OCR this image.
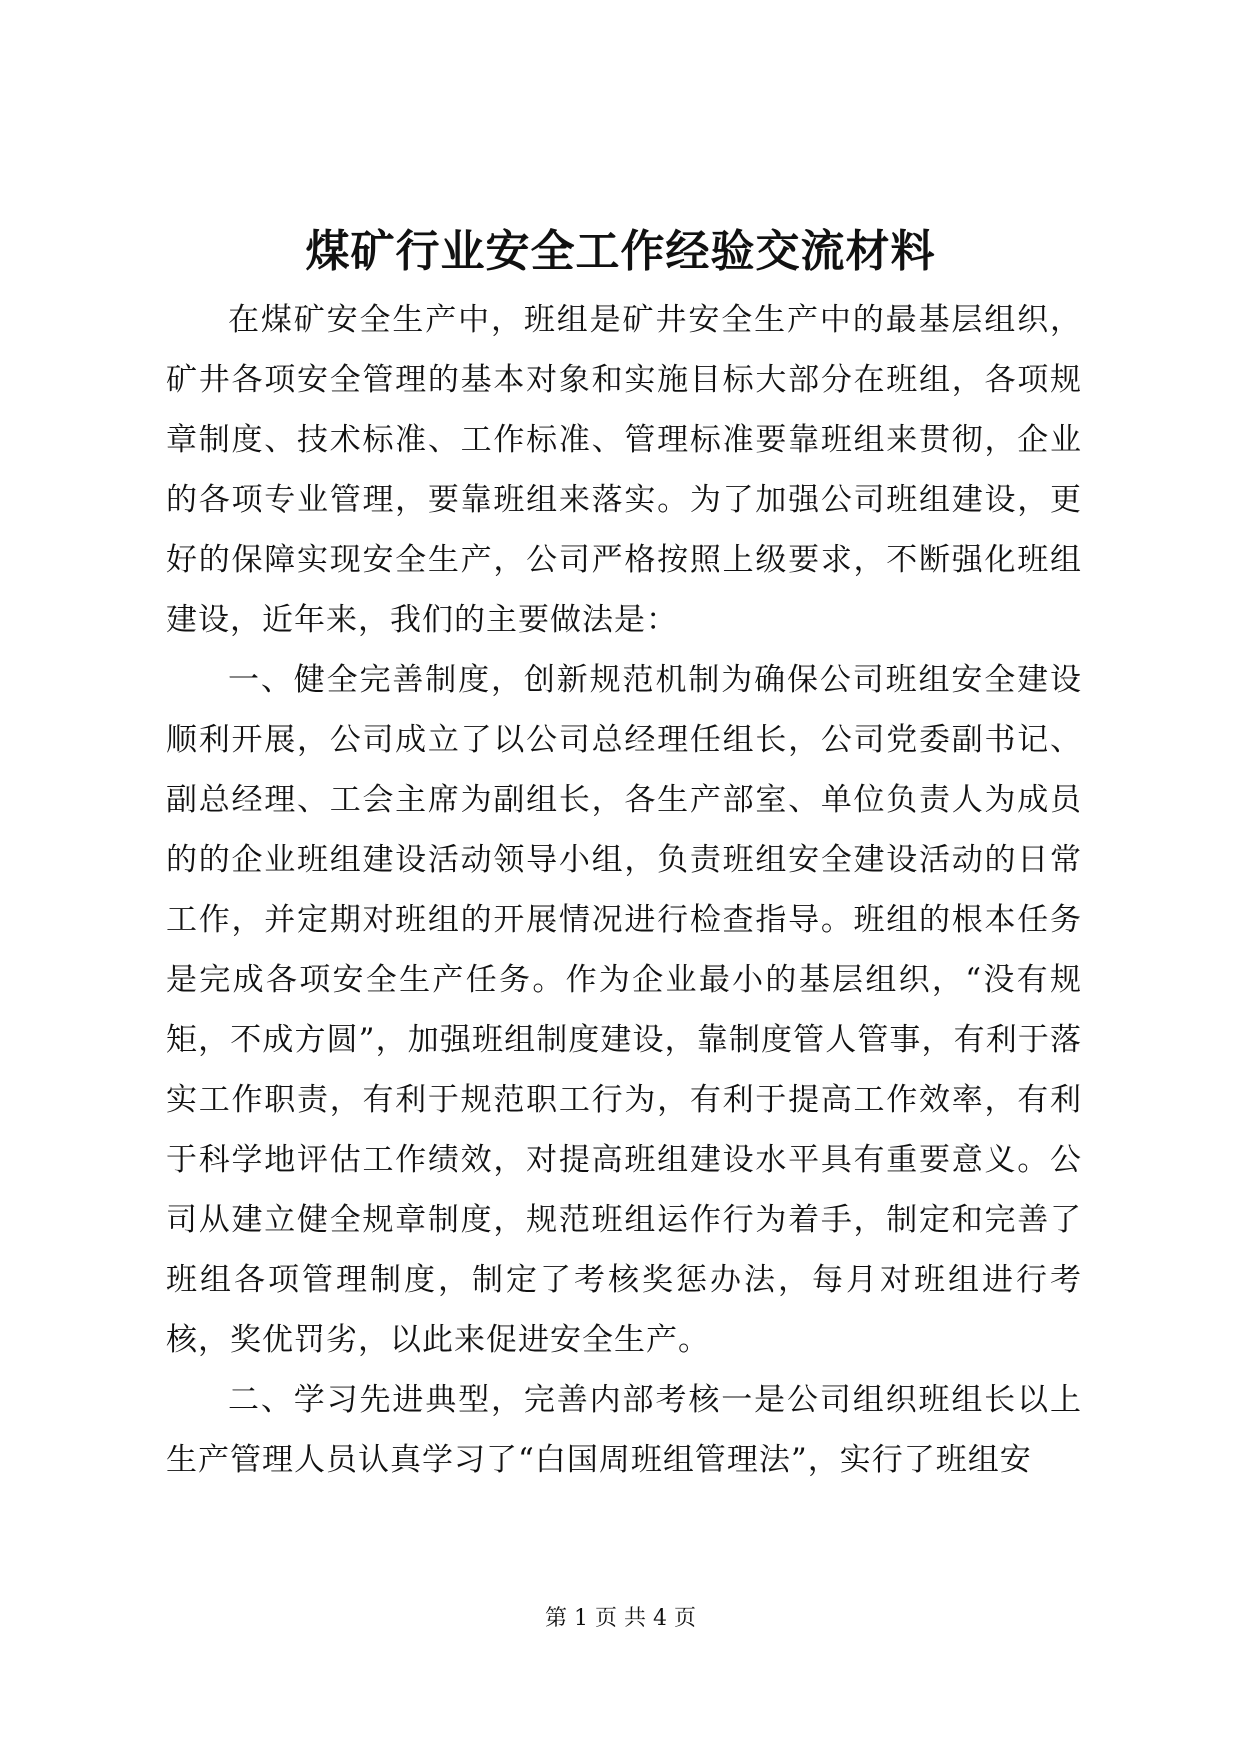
煤矿行业安全工作经验交流材料

在煤矿安全生产中，班组是矿井安全生产中的最基层组织，矿井各项安全管理的基本对象和实施目标大部分在班组，各项规章制度、技术标准、工作标准、管理标准要靠班组来贯彻，企业的各项专业管理，要靠班组来落实。为了加强公司班组建设，更好的保障实现安全生产，公司严格按照上级要求，不断强化班组建设，近年来，我们的主要做法是：

一、健全完善制度，创新规范机制为确保公司班组安全建设顺利开展，公司成立了以公司总经理任组长，公司党委副书记、副总经理、工会主席为副组长，各生产部室、单位负责人为成员的的企业班组建设活动领导小组，负责班组安全建设活动的日常工作，并定期对班组的开展情况进行检查指导。班组的根本任务是完成各项安全生产任务。作为企业最小的基层组织，“没有规矩，不成方圆”，加强班组制度建设，靠制度管人管事，有利于落实工作职责，有利于规范职工行为，有利于提高工作效率，有利于科学地评估工作绩效，对提高班组建设水平具有重要意义。公司从建立健全规章制度，规范班组运作行为着手，制定和完善了班组各项管理制度，制定了考核奖惩办法，每月对班组进行考核，奖优罚劣，以此来促进安全生产。

二、学习先进典型，完善内部考核一是公司组织班组长以上生产管理人员认真学习了“白国周班组管理法”，实行了班组安

第 1 页 共 4 页
